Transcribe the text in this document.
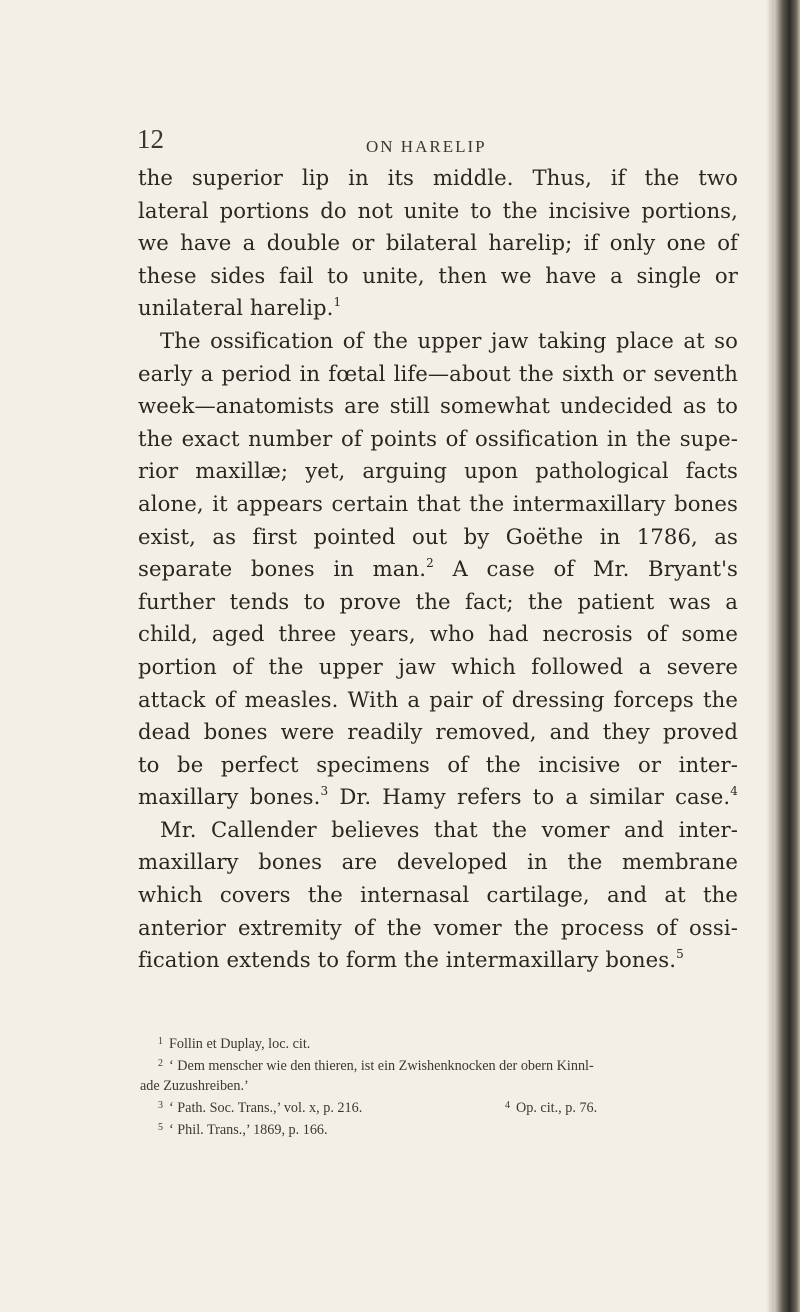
12	ON HARELIP
the superior lip in its middle. Thus, if the two
lateral portions do not unite to the incisive portions,
we have a double or bilateral harelip; if only one of
these sides fail to unite, then we have a single or
unilateral harelip.$^1$
The ossification of the upper jaw taking place at so
early a period in fœtal life—about the sixth or seventh
week—anatomists are still somewhat undecided as to
the exact number of points of ossification in the supe-
rior maxillæ; yet, arguing upon pathological facts
alone, it appears certain that the intermaxillary bones
exist, as first pointed out by Goëthe in 1786, as
separate bones in man.$^2$ A case of Mr. Bryant's
further tends to prove the fact; the patient was a
child, aged three years, who had necrosis of some
portion of the upper jaw which followed a severe
attack of measles. With a pair of dressing forceps the
dead bones were readily removed, and they proved
to be perfect specimens of the incisive or inter-
maxillary bones.$^3$ Dr. Hamy refers to a similar case.$^4$
Mr. Callender believes that the vomer and inter-
maxillary bones are developed in the membrane
which covers the internasal cartilage, and at the
anterior extremity of the vomer the process of ossi-
fication extends to form the intermaxillary bones.$^5$
$^1$ Follin et Duplay, loc. cit.
$^2$ ‘ Dem menscher wie den thieren, ist ein Zwishenknocken der obern Kinnl-
ade Zuzushreiben.’
$^3$ ‘ Path. Soc. Trans.,’ vol. x, p. 216.	$^4$ Op. cit., p. 76.
$^5$ ‘ Phil. Trans.,’ 1869, p. 166.
